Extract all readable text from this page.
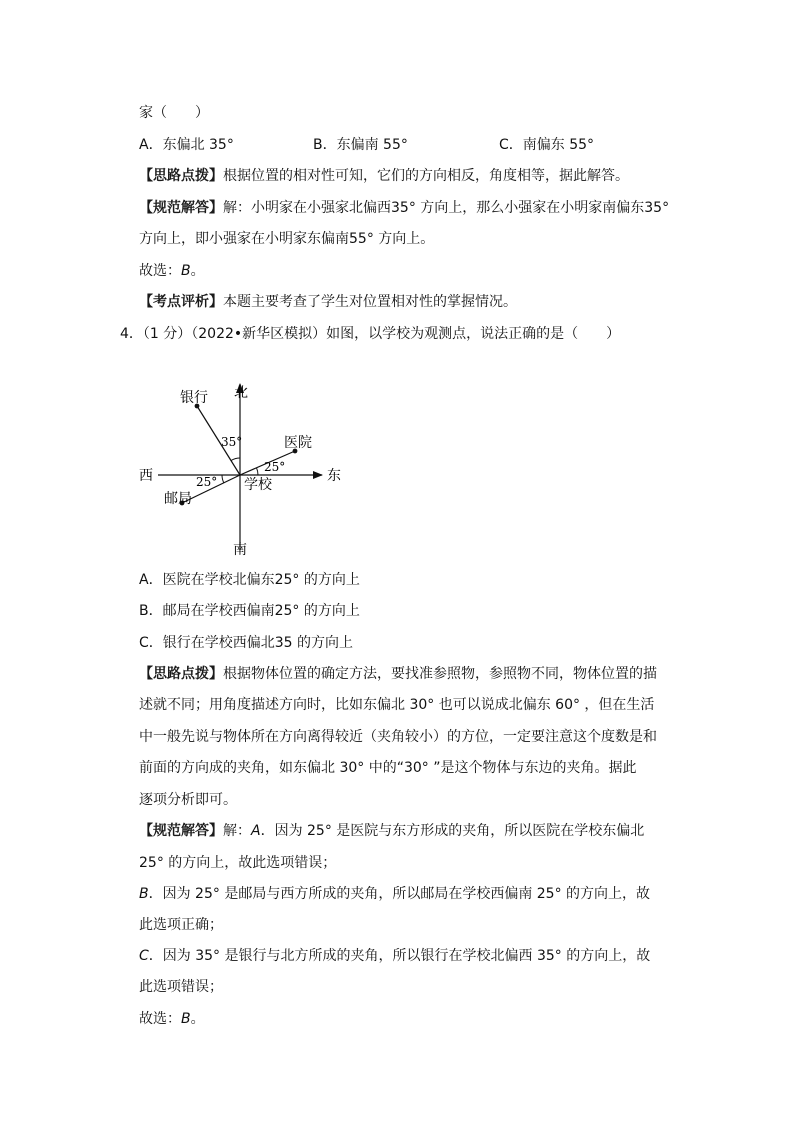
家（　　）
A．东偏北 35°	B．东偏南 55°	C．南偏东 55°
【思路点拨】根据位置的相对性可知，它们的方向相反，角度相等，据此解答。
【规范解答】解：小明家在小强家北偏西35° 方向上，那么小强家在小明家南偏东35°
方向上，即小强家在小明家东偏南55° 方向上。
故选：B。
【考点评析】本题主要考查了学生对位置相对性的掌握情况。
4．（1 分）（2022•新华区模拟）如图，以学校为观测点，说法正确的是（　　）
北
南
东
西
银行
医院
邮局
学校
35°
25°
25°
A．医院在学校北偏东25° 的方向上
B．邮局在学校西偏南25° 的方向上
C．银行在学校西偏北35 的方向上
【思路点拨】根据物体位置的确定方法，要找准参照物，参照物不同，物体位置的描
述就不同；用角度描述方向时，比如东偏北 30° 也可以说成北偏东 60° ，但在生活
中一般先说与物体所在方向离得较近（夹角较小）的方位，一定要注意这个度数是和
前面的方向成的夹角，如东偏北 30° 中的“30° ”是这个物体与东边的夹角。据此
逐项分析即可。
【规范解答】解：A．因为 25° 是医院与东方形成的夹角，所以医院在学校东偏北
25° 的方向上，故此选项错误；
B．因为 25° 是邮局与西方所成的夹角，所以邮局在学校西偏南 25° 的方向上，故
此选项正确；
C．因为 35° 是银行与北方所成的夹角，所以银行在学校北偏西 35° 的方向上，故
此选项错误；
故选：B。
